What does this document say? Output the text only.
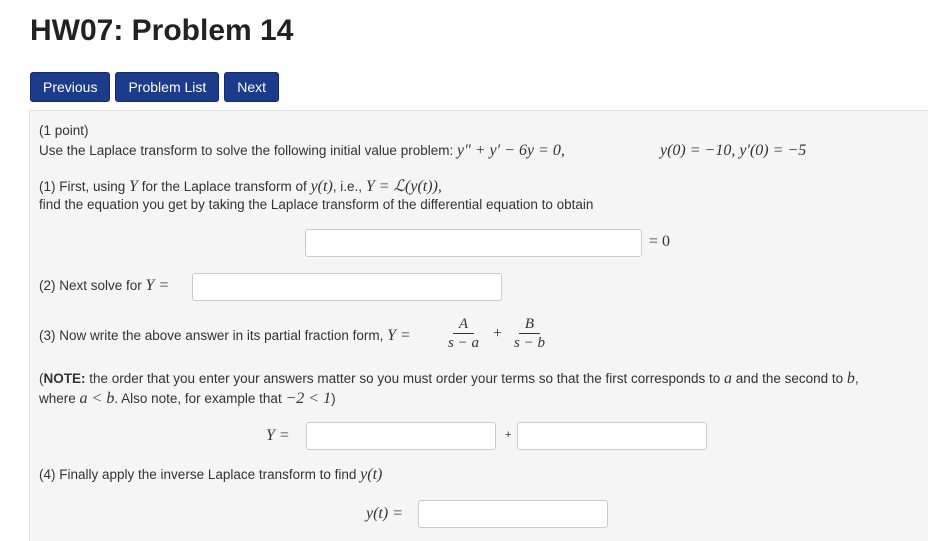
HW07: Problem 14
Previous	Problem List	Next
(1 point)
Use the Laplace transform to solve the following initial value problem: y″ + y′ − 6y = 0,	y(0) = −10, y′(0) = −5
(1) First, using Y for the Laplace transform of y(t), i.e., Y = ℒ(y(t)),
find the equation you get by taking the Laplace transform of the differential equation to obtain
= 0
(2) Next solve for Y =
(3) Now write the above answer in its partial fraction form, $Y = \frac{A}{s - a} + \frac{B}{s - b}$
(NOTE: the order that you enter your answers matter so you must order your terms so that the first corresponds to a and the second to b,
where a < b. Also note, for example that −2 < 1)
Y =	+
(4) Finally apply the inverse Laplace transform to find y(t)
y(t) =
